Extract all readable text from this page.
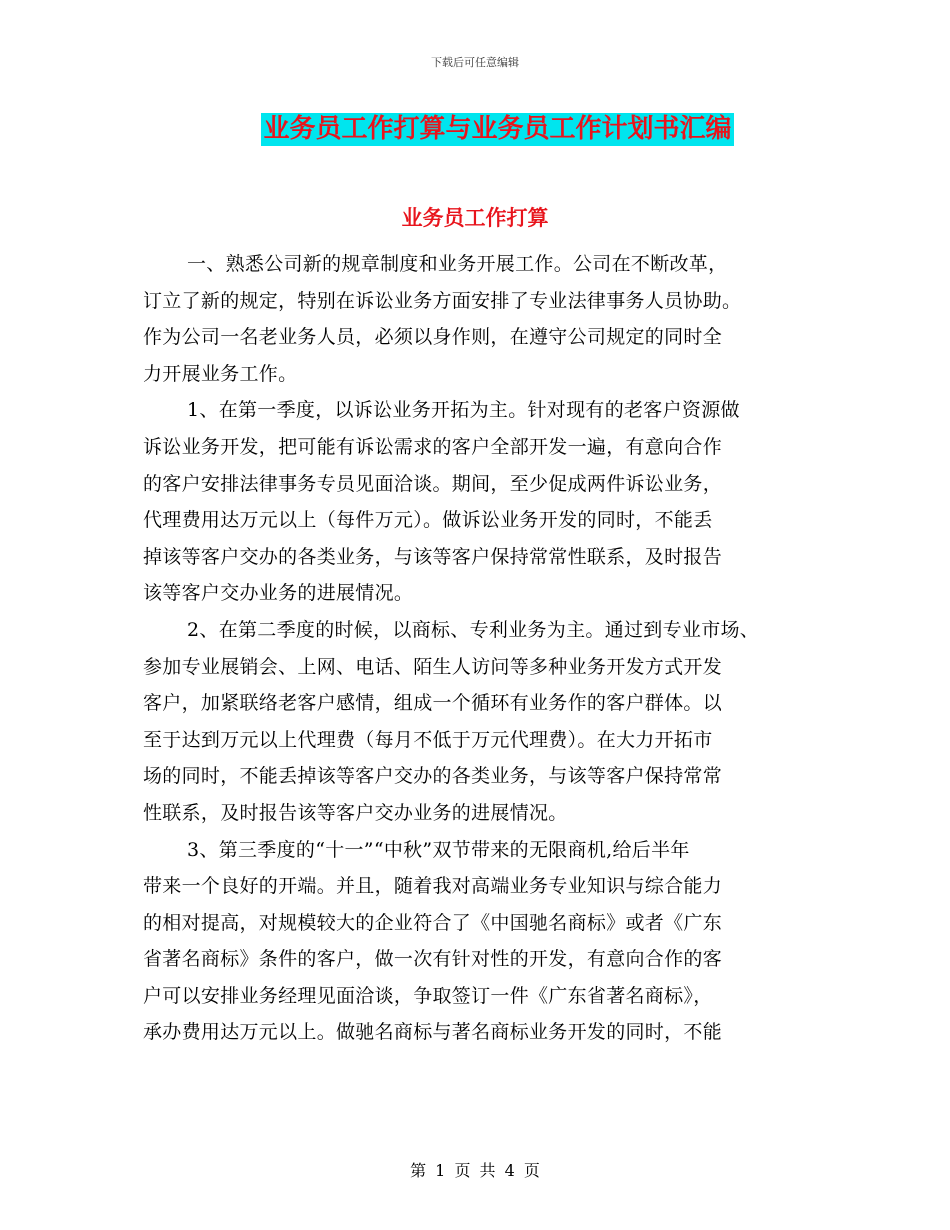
下载后可任意编辑
业务员工作打算与业务员工作计划书汇编
业务员工作打算
一、熟悉公司新的规章制度和业务开展工作。公司在不断改革，
订立了新的规定，特别在诉讼业务方面安排了专业法律事务人员协助。
作为公司一名老业务人员，必须以身作则，在遵守公司规定的同时全
力开展业务工作。
1、在第一季度，以诉讼业务开拓为主。针对现有的老客户资源做
诉讼业务开发，把可能有诉讼需求的客户全部开发一遍，有意向合作
的客户安排法律事务专员见面洽谈。期间，至少促成两件诉讼业务，
代理费用达万元以上（每件万元）。做诉讼业务开发的同时，不能丢
掉该等客户交办的各类业务，与该等客户保持常常性联系，及时报告
该等客户交办业务的进展情况。
2、在第二季度的时候，以商标、专利业务为主。通过到专业市场、
参加专业展销会、上网、电话、陌生人访问等多种业务开发方式开发
客户，加紧联络老客户感情，组成一个循环有业务作的客户群体。以
至于达到万元以上代理费（每月不低于万元代理费）。在大力开拓市
场的同时，不能丢掉该等客户交办的各类业务，与该等客户保持常常
性联系，及时报告该等客户交办业务的进展情况。
3、第三季度的“十一”“中秋”双节带来的无限商机,给后半年
带来一个良好的开端。并且，随着我对高端业务专业知识与综合能力
的相对提高，对规模较大的企业符合了《中国驰名商标》或者《广东
省著名商标》条件的客户，做一次有针对性的开发，有意向合作的客
户可以安排业务经理见面洽谈，争取签订一件《广东省著名商标》，
承办费用达万元以上。做驰名商标与著名商标业务开发的同时，不能
第 1 页 共 4 页
